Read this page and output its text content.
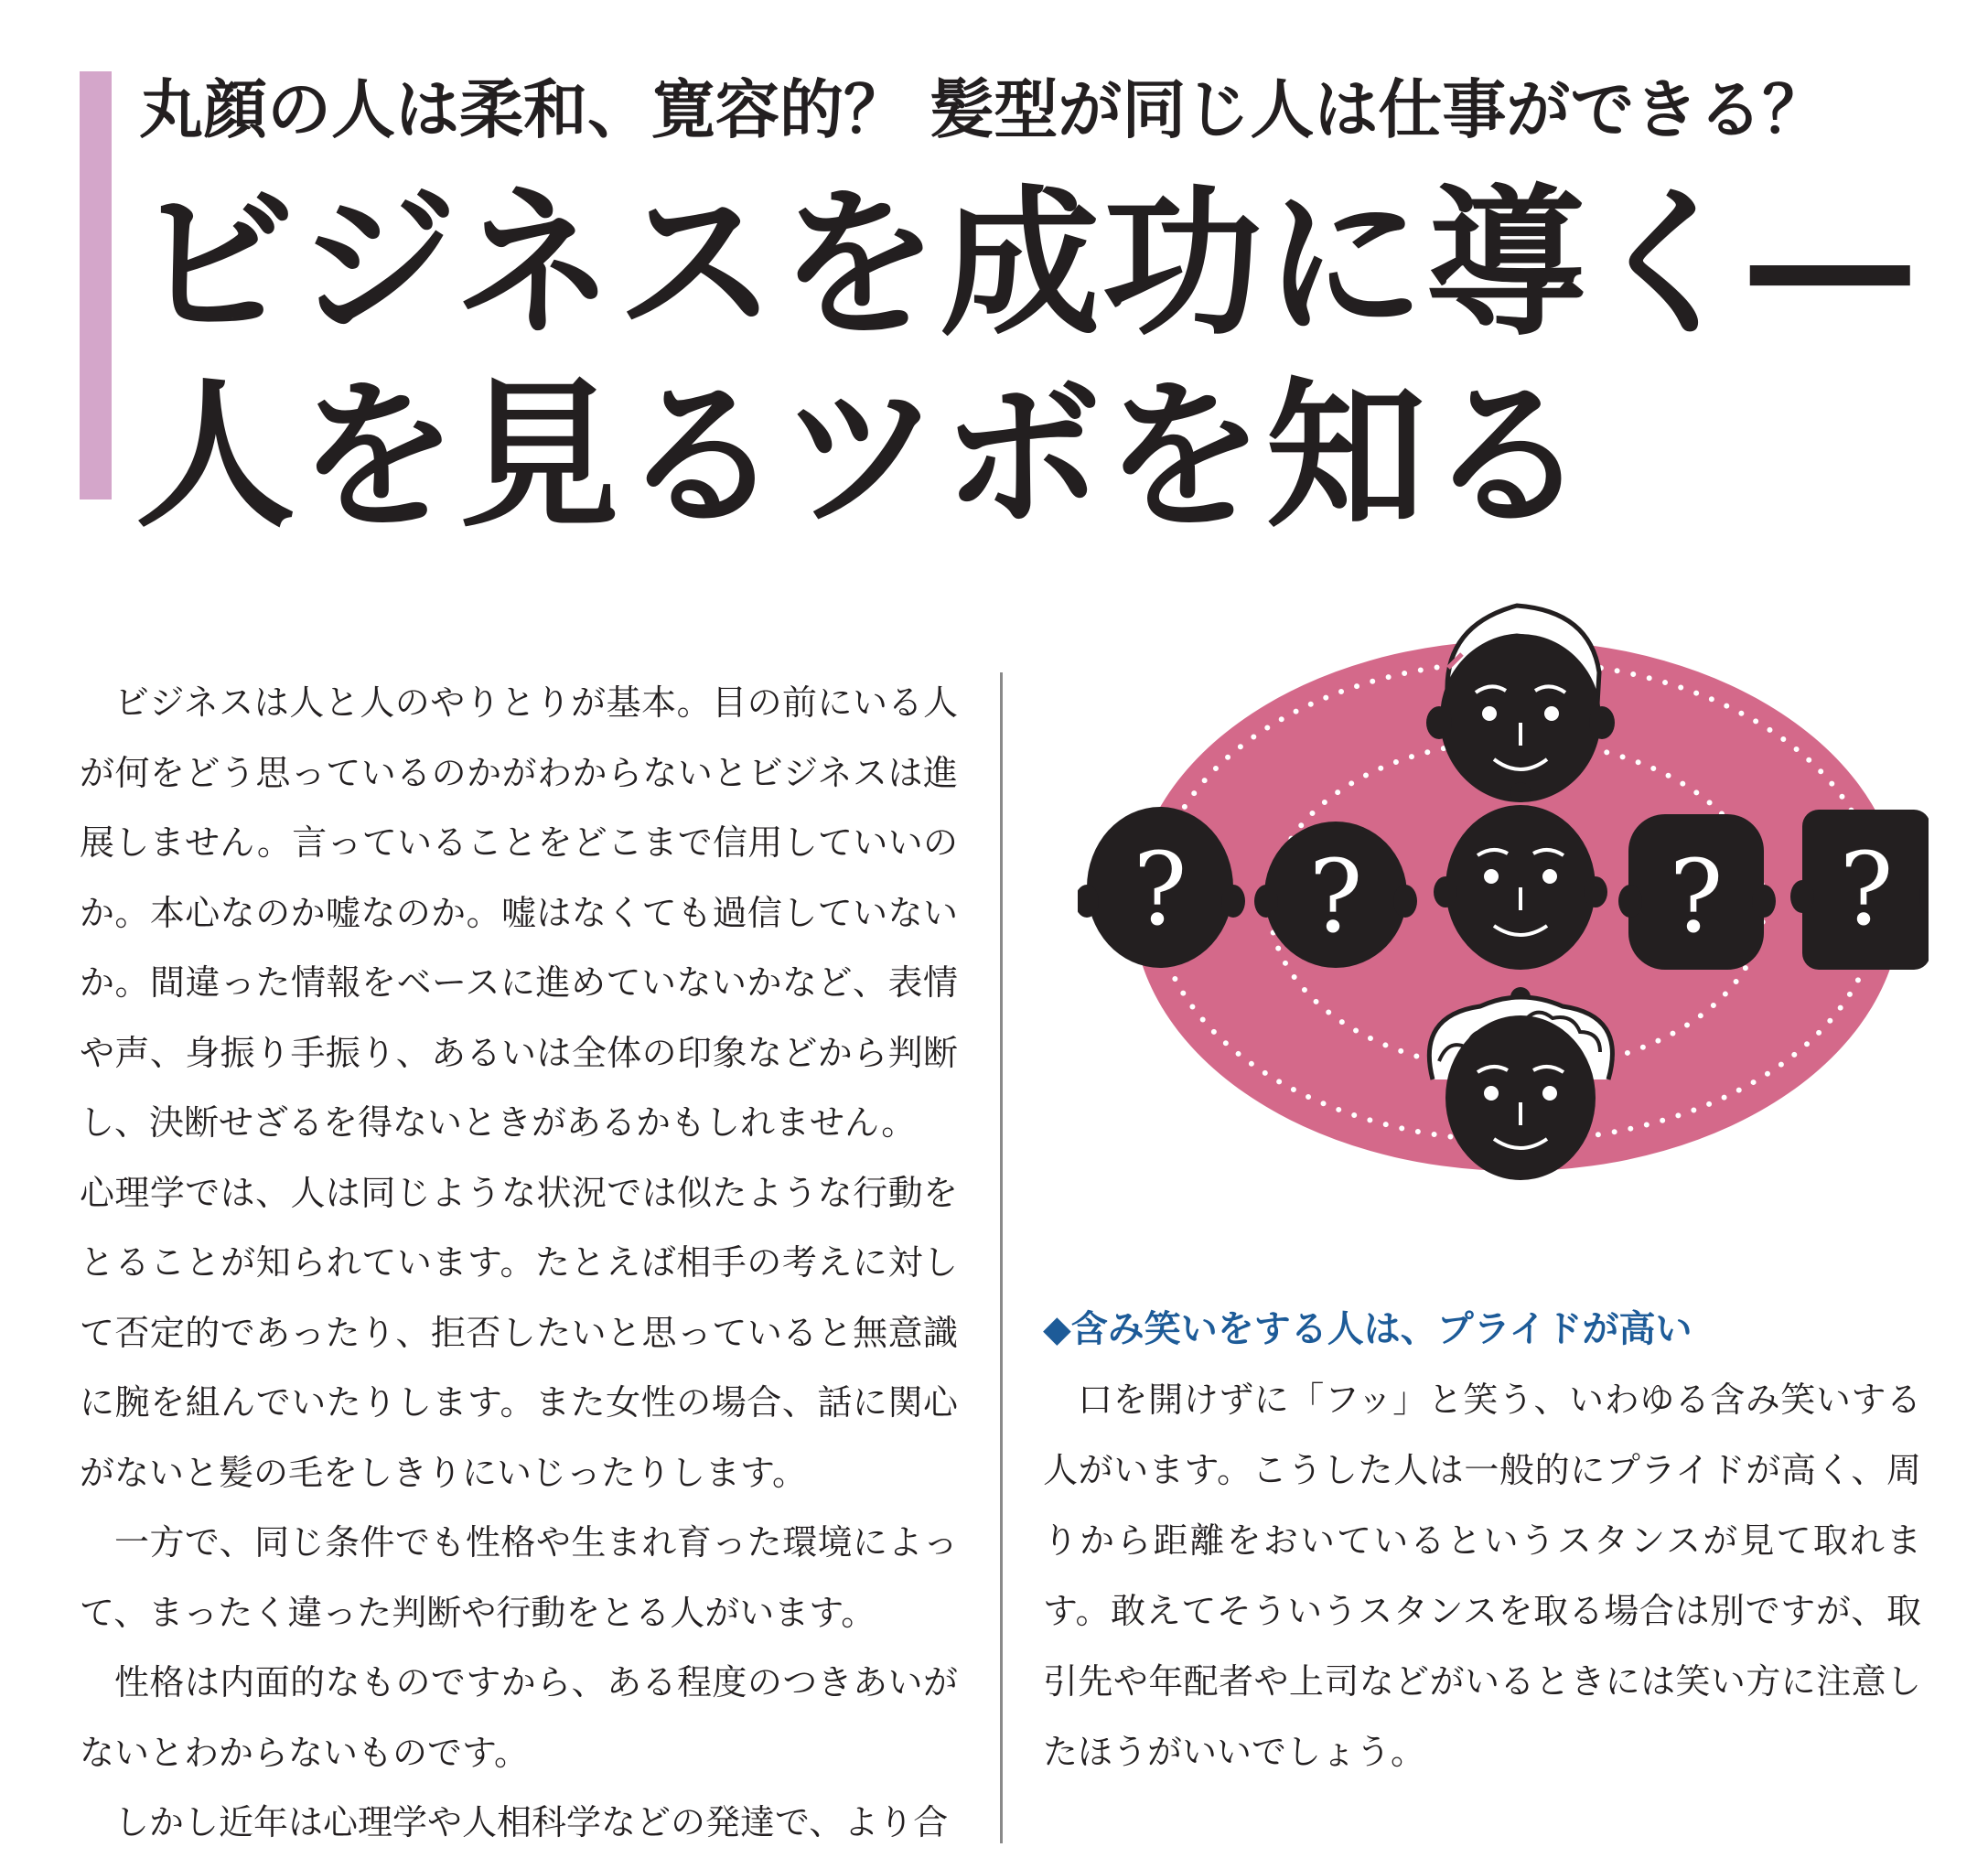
丸顔の人は柔和、寛容的？ 髪型が同じ人は仕事ができる？
ビジネスを成功に導く―
人を見るツボを知る

ビジネスは人と人のやりとりが基本。目の前にいる人が何をどう思っているのかがわからないとビジネスは進展しません。言っていることをどこまで信用していいのか。本心なのか嘘なのか。嘘はなくても過信していないか。間違った情報をベースに進めていないかなど、表情や声、身振り手振り、あるいは全体の印象などから判断し、決断せざるを得ないときがあるかもしれません。

心理学では、人は同じような状況では似たような行動をとることが知られています。たとえば相手の考えに対して否定的であったり、拒否したいと思っていると無意識に腕を組んでいたりします。また女性の場合、話に関心がないと髪の毛をしきりにいじったりします。

一方で、同じ条件でも性格や生まれ育った環境によって、まったく違った判断や行動をとる人がいます。

性格は内面的なものですから、ある程度のつきあいがないとわからないものです。

しかし近年は心理学や人相科学などの発達で、より合

? ?	? ?
◆含み笑いをする人は、プライドが高い

口を開けずに「フッ」と笑う、いわゆる含み笑いする人がいます。こうした人は一般的にプライドが高く、周りから距離をおいているというスタンスが見て取れます。敢えてそういうスタンスを取る場合は別ですが、取引先や年配者や上司などがいるときには笑い方に注意したほうがいいでしょう。
